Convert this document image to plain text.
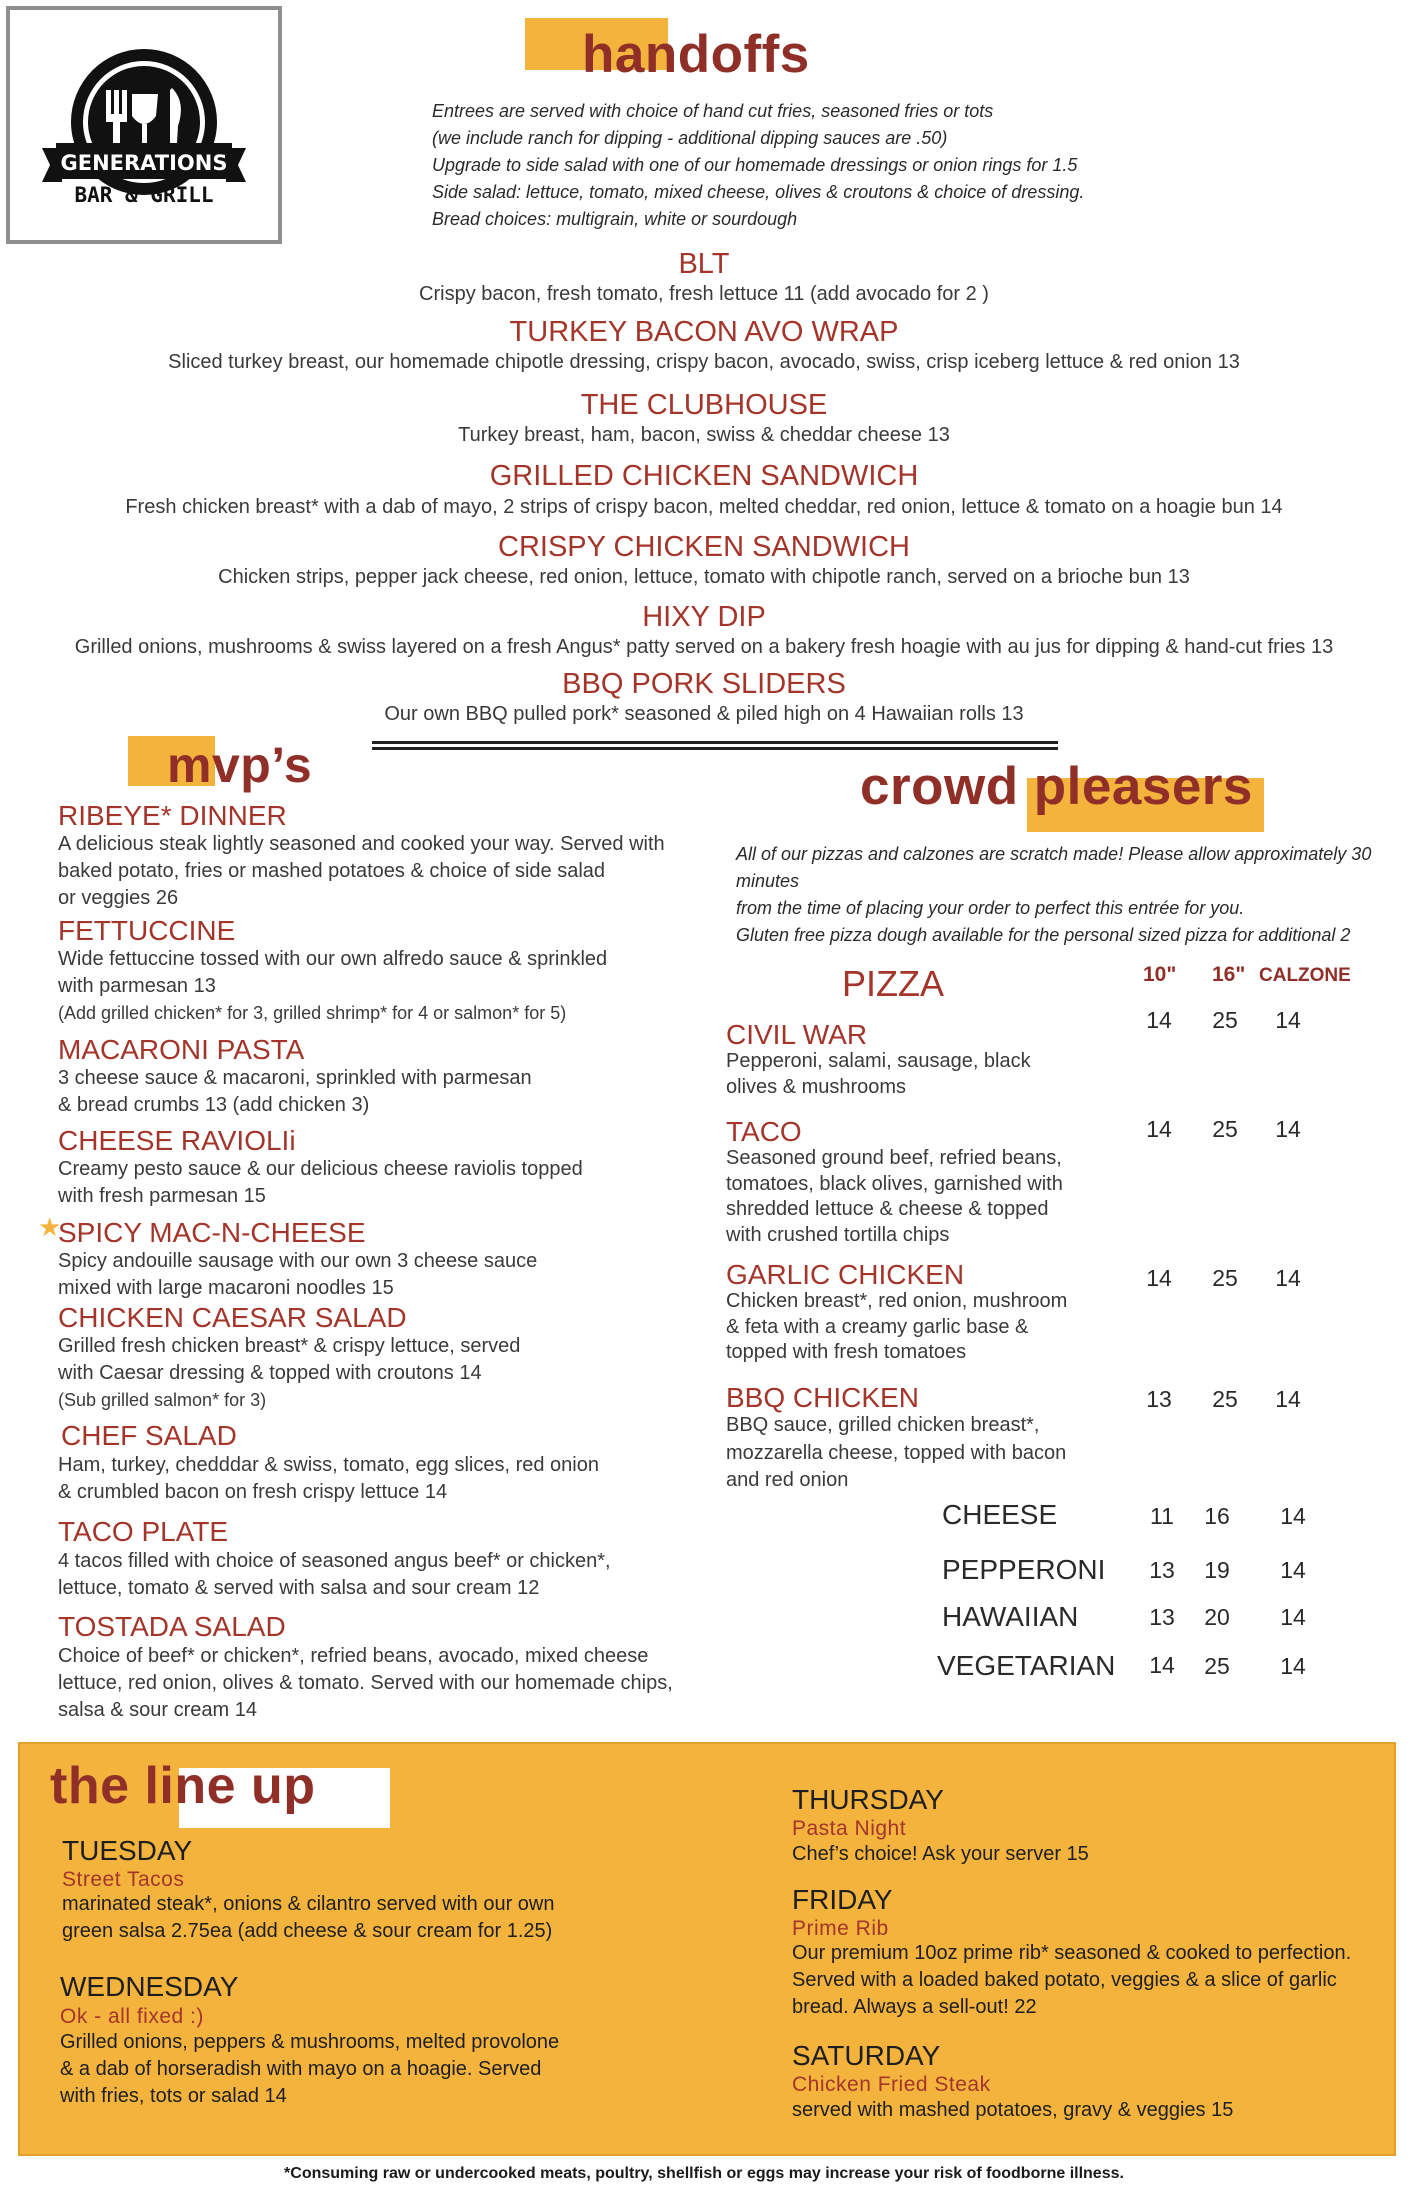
GENERATIONS
BAR & GRILL
handoffs
Entrees are served with choice of hand cut fries, seasoned fries or tots
(we include ranch for dipping - additional dipping sauces are .50)
Upgrade to side salad with one of our homemade dressings or onion rings for 1.5
Side salad: lettuce, tomato, mixed cheese, olives & croutons & choice of dressing.
Bread choices: multigrain, white or sourdough
BLT
Crispy bacon, fresh tomato, fresh lettuce 11 (add avocado for 2 )
TURKEY BACON AVO WRAP
Sliced turkey breast, our homemade chipotle dressing, crispy bacon, avocado, swiss, crisp iceberg lettuce & red onion 13
THE CLUBHOUSE
Turkey breast, ham, bacon, swiss & cheddar cheese 13
GRILLED CHICKEN SANDWICH
Fresh chicken breast* with a dab of mayo, 2 strips of crispy bacon, melted cheddar, red onion, lettuce & tomato on a hoagie bun 14
CRISPY CHICKEN SANDWICH
Chicken strips, pepper jack cheese, red onion, lettuce, tomato with chipotle ranch, served on a brioche bun 13
HIXY DIP
Grilled onions, mushrooms & swiss layered on a fresh Angus* patty served on a bakery fresh hoagie with au jus for dipping & hand-cut fries 13
BBQ PORK SLIDERS
Our own BBQ pulled pork* seasoned & piled high on 4 Hawaiian rolls 13
mvp’s
RIBEYE* DINNER
A delicious steak lightly seasoned and cooked your way. Served with
baked potato, fries or mashed potatoes & choice of side salad
or veggies 26
FETTUCCINE
Wide fettuccine tossed with our own alfredo sauce & sprinkled
with parmesan 13
(Add grilled chicken* for 3, grilled shrimp* for 4 or salmon* for 5)
MACARONI PASTA
3 cheese sauce & macaroni, sprinkled with parmesan
& bread crumbs 13 (add chicken 3)
CHEESE RAVIOLIi
Creamy pesto sauce & our delicious cheese raviolis topped
with fresh parmesan 15
★
SPICY MAC-N-CHEESE
Spicy andouille sausage with our own 3 cheese sauce
mixed with large macaroni noodles 15
CHICKEN CAESAR SALAD
Grilled fresh chicken breast* & crispy lettuce, served
with Caesar dressing & topped with croutons 14
(Sub grilled salmon* for 3)
CHEF SALAD
Ham, turkey, chedddar & swiss, tomato, egg slices, red onion
& crumbled bacon on fresh crispy lettuce 14
TACO PLATE
4 tacos filled with choice of seasoned angus beef* or chicken*,
lettuce, tomato & served with salsa and sour cream 12
TOSTADA SALAD
Choice of beef* or chicken*, refried beans, avocado, mixed cheese
lettuce, red onion, olives & tomato. Served with our homemade chips,
salsa & sour cream 14
crowd pleasers
All of our pizzas and calzones are scratch made! Please allow approximately 30 minutes
from the time of placing your order to perfect this entrée for you.
Gluten free pizza dough available for the personal sized pizza for additional 2
PIZZA	10" 16" CALZONE
CIVIL WAR
Pepperoni, salami, sausage, black
olives & mushrooms
14	25	14
TACO
Seasoned ground beef, refried beans,
tomatoes, black olives, garnished with
shredded lettuce & cheese & topped
with crushed tortilla chips
14	25	14
GARLIC CHICKEN
Chicken breast*, red onion, mushroom
& feta with a creamy garlic base &
topped with fresh tomatoes
14	25	14
BBQ CHICKEN
BBQ sauce, grilled chicken breast*,
mozzarella cheese, topped with bacon
and red onion
13	25	14
CHEESE	11	16	14
PEPPERONI	13	19	14
HAWAIIAN	13	20	14
VEGETARIAN	14	25	14
the line up
TUESDAY
Street Tacos
marinated steak*, onions & cilantro served with our own
green salsa 2.75ea (add cheese & sour cream for 1.25)
WEDNESDAY
Ok - all fixed :)
Grilled onions, peppers & mushrooms, melted provolone
& a dab of horseradish with mayo on a hoagie. Served
with fries, tots or salad 14
THURSDAY
Pasta Night
Chef’s choice! Ask your server 15
FRIDAY
Prime Rib
Our premium 10oz prime rib* seasoned & cooked to perfection.
Served with a loaded baked potato, veggies & a slice of garlic
bread. Always a sell-out! 22
SATURDAY
Chicken Fried Steak
served with mashed potatoes, gravy & veggies 15
*Consuming raw or undercooked meats, poultry, shellfish or eggs may increase your risk of foodborne illness.
